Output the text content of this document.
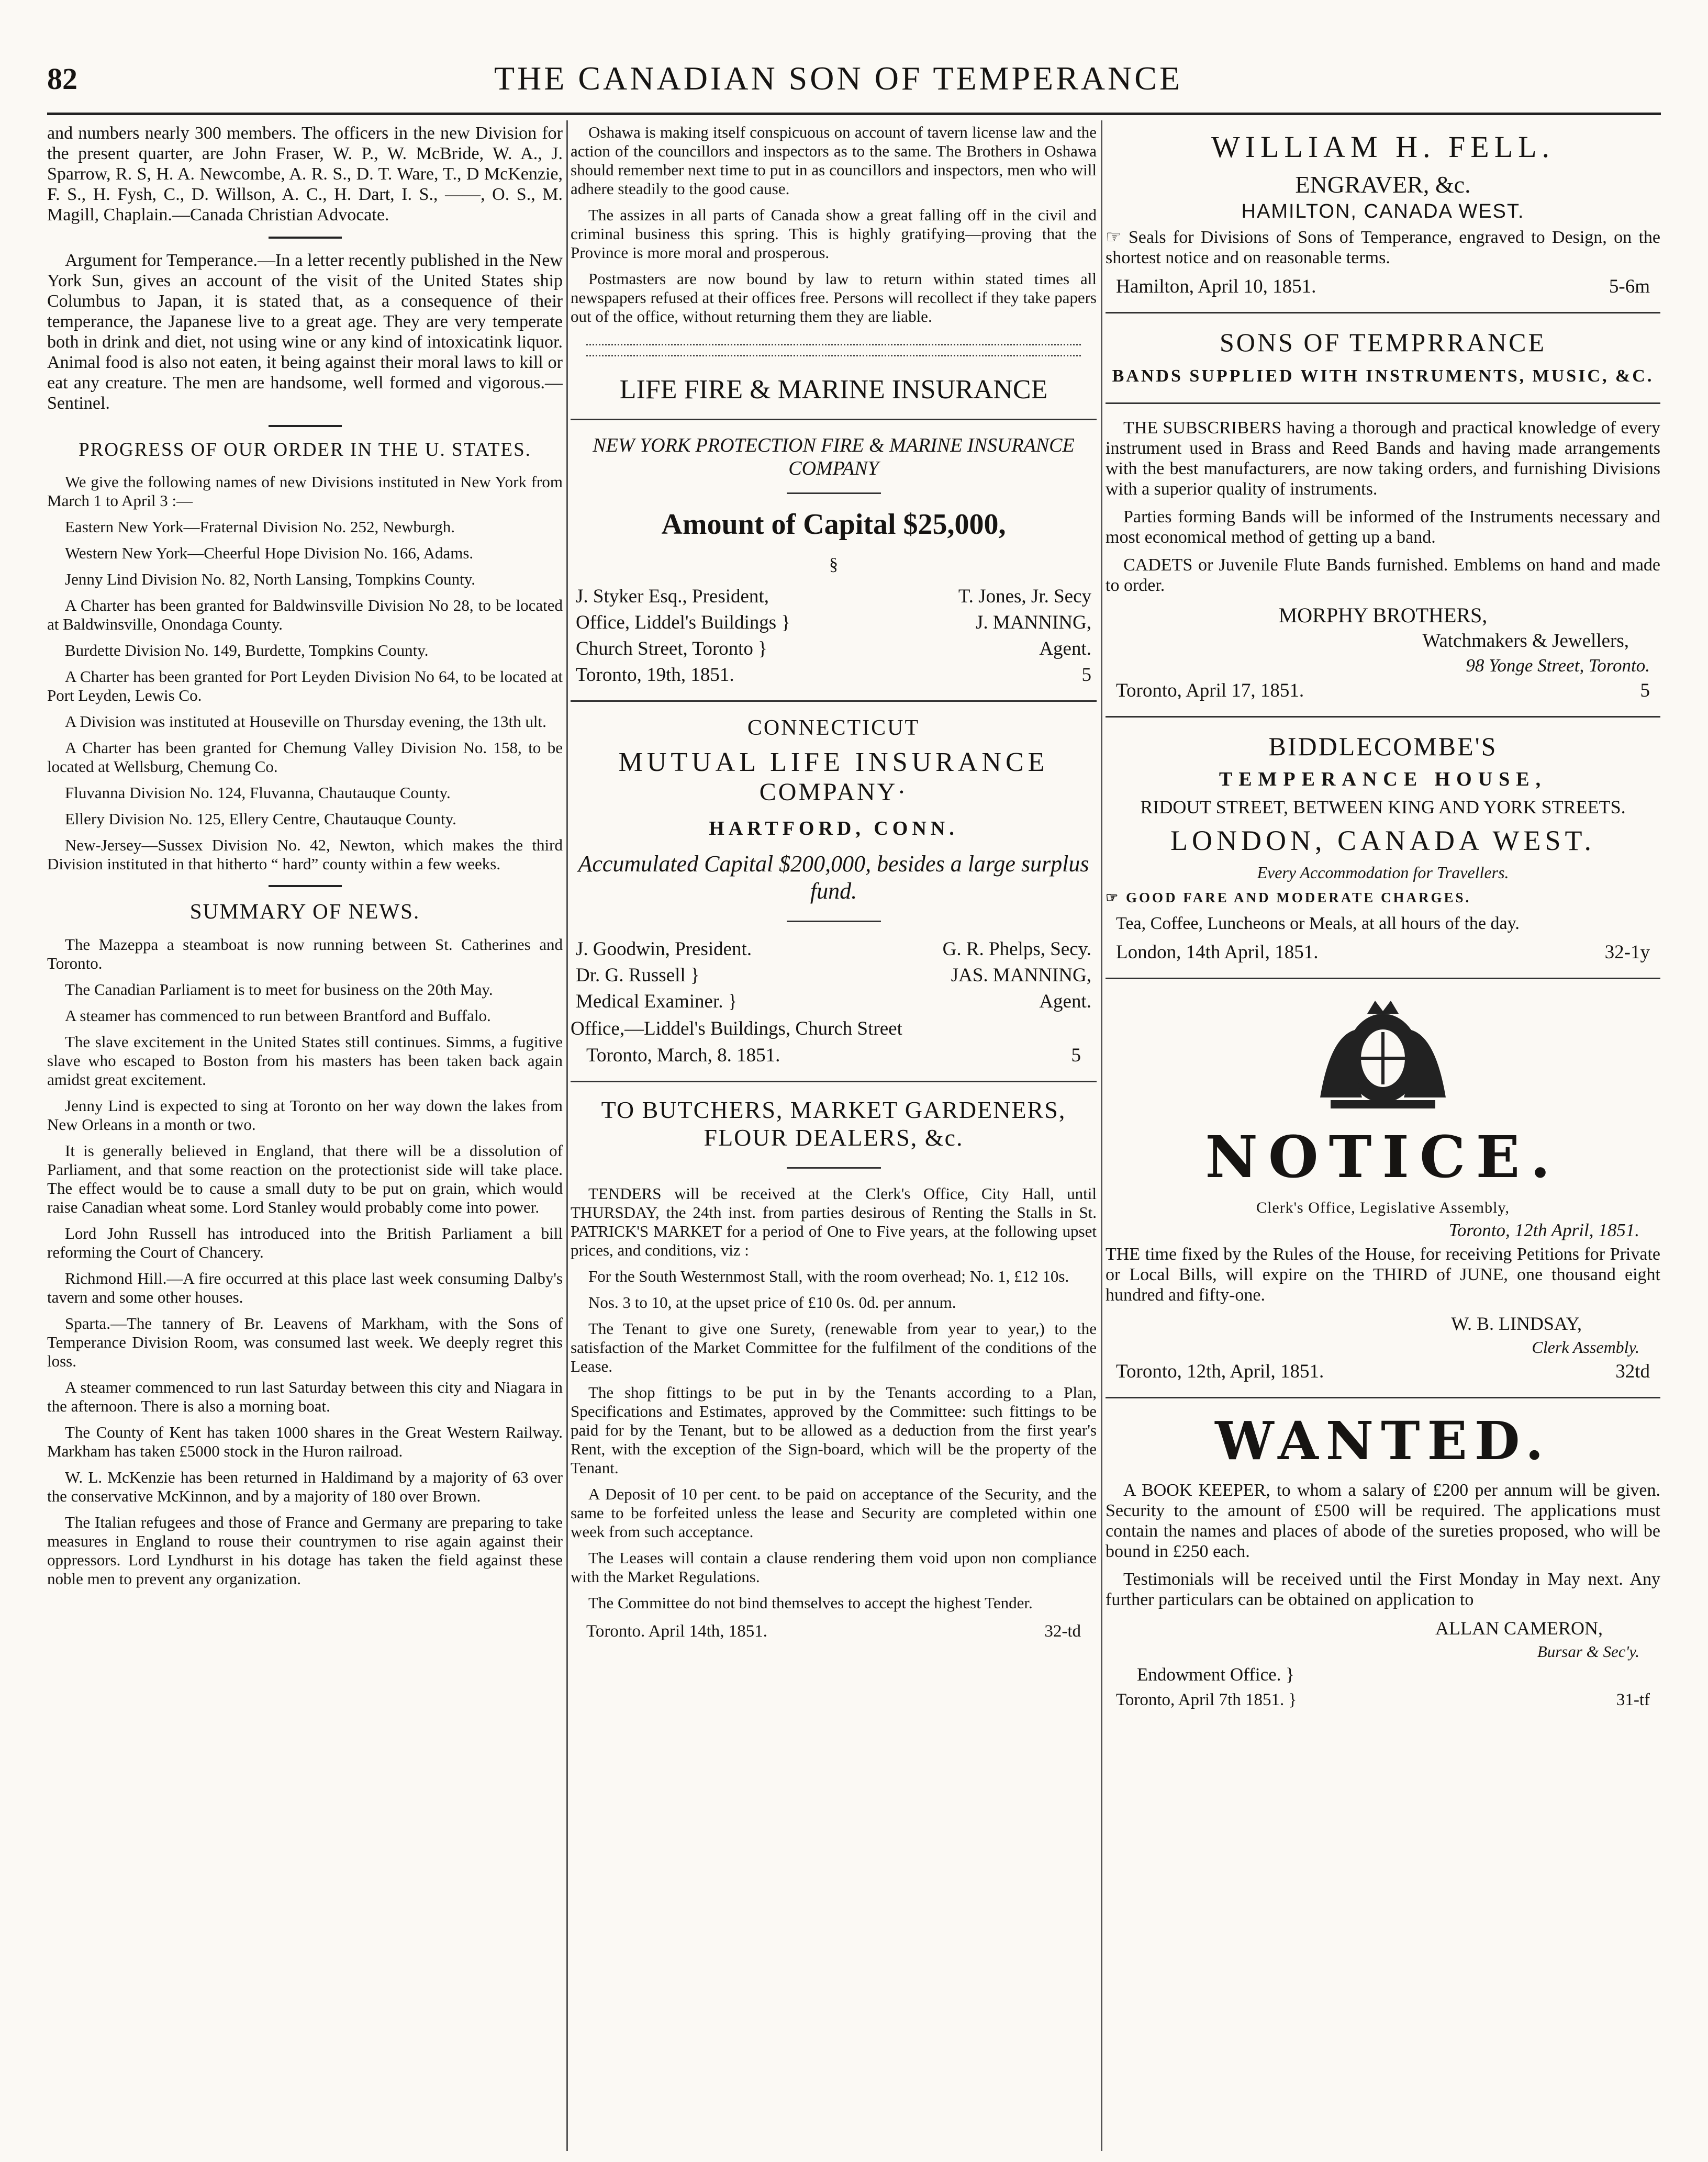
82	THE CANADIAN SON OF TEMPERANCE

and numbers nearly 300 members. The officers in the new Division for the present quarter, are John Fraser, W. P., W. McBride, W. A., J. Sparrow, R. S, H. A. Newcombe, A. R. S., D. T. Ware, T., D McKenzie, F. S., H. Fysh, C., D. Willson, A. C., H. Dart, I. S., ——, O. S., M. Magill, Chaplain.—Canada Christian Advocate.

Argument for Temperance.—In a letter recently published in the New York Sun, gives an account of the visit of the United States ship Columbus to Japan, it is stated that, as a consequence of their temperance, the Japanese live to a great age. They are very temperate both in drink and diet, not using wine or any kind of intoxicatink liquor. Animal food is also not eaten, it being against their moral laws to kill or eat any creature. The men are handsome, well formed and vigorous.—Sentinel.

PROGRESS OF OUR ORDER IN THE U. STATES.

We give the following names of new Divisions instituted in New York from March 1 to April 3 :—

Eastern New York—Fraternal Division No. 252, Newburgh.

Western New York—Cheerful Hope Division No. 166, Adams.

Jenny Lind Division No. 82, North Lansing, Tompkins County.

A Charter has been granted for Baldwinsville Division No 28, to be located at Baldwinsville, Onondaga County.

Burdette Division No. 149, Burdette, Tompkins County.

A Charter has been granted for Port Leyden Division No 64, to be located at Port Leyden, Lewis Co.

A Division was instituted at Houseville on Thursday evening, the 13th ult.

A Charter has been granted for Chemung Valley Division No. 158, to be located at Wellsburg, Chemung Co.

Fluvanna Division No. 124, Fluvanna, Chautauque County.

Ellery Division No. 125, Ellery Centre, Chautauque County.

New-Jersey—Sussex Division No. 42, Newton, which makes the third Division instituted in that hitherto “ hard” county within a few weeks.

SUMMARY OF NEWS.

The Mazeppa a steamboat is now running between St. Catherines and Toronto.

The Canadian Parliament is to meet for business on the 20th May.

A steamer has commenced to run between Brantford and Buffalo.

The slave excitement in the United States still continues. Simms, a fugitive slave who escaped to Boston from his masters has been taken back again amidst great excitement.

Jenny Lind is expected to sing at Toronto on her way down the lakes from New Orleans in a month or two.

It is generally believed in England, that there will be a dissolution of Parliament, and that some reaction on the protectionist side will take place. The effect would be to cause a small duty to be put on grain, which would raise Canadian wheat some. Lord Stanley would probably come into power.

Lord John Russell has introduced into the British Parliament a bill reforming the Court of Chancery.

Richmond Hill.—A fire occurred at this place last week consuming Dalby's tavern and some other houses.

Sparta.—The tannery of Br. Leavens of Markham, with the Sons of Temperance Division Room, was consumed last week. We deeply regret this loss.

A steamer commenced to run last Saturday between this city and Niagara in the afternoon. There is also a morning boat.

The County of Kent has taken 1000 shares in the Great Western Railway. Markham has taken £5000 stock in the Huron railroad.

W. L. McKenzie has been returned in Haldimand by a majority of 63 over the conservative McKinnon, and by a majority of 180 over Brown.

The Italian refugees and those of France and Germany are preparing to take measures in England to rouse their countrymen to rise again against their oppressors. Lord Lyndhurst in his dotage has taken the field against these noble men to prevent any organization.

Oshawa is making itself conspicuous on account of tavern license law and the action of the councillors and inspectors as to the same. The Brothers in Oshawa should remember next time to put in as councillors and inspectors, men who will adhere steadily to the good cause.

The assizes in all parts of Canada show a great falling off in the civil and criminal business this spring. This is highly gratifying—proving that the Province is more moral and prosperous.

Postmasters are now bound by law to return within stated times all newspapers refused at their offices free. Persons will recollect if they take papers out of the office, without returning them they are liable.

LIFE FIRE & MARINE INSURANCE
NEW YORK PROTECTION FIRE & MARINE INSURANCE COMPANY
Amount of Capital $25,000,
§
J. Styker Esq., President,	T. Jones, Jr. Secy
Office, Liddel's Buildings }	J. MANNING,
Church Street, Toronto }	Agent.
Toronto, 19th, 1851.	5
CONNECTICUT
MUTUAL LIFE INSURANCE
COMPANY·
HARTFORD, CONN.
Accumulated Capital $200,000, besides a large surplus fund.
J. Goodwin, President.	G. R. Phelps, Secy.
Dr. G. Russell }	JAS. MANNING,
Medical Examiner. }	Agent.
Office,—Liddel's Buildings, Church Street
Toronto, March, 8. 1851.	5
TO BUTCHERS, MARKET GARDENERS, FLOUR DEALERS, &c.

TENDERS will be received at the Clerk's Office, City Hall, until THURSDAY, the 24th inst. from parties desirous of Renting the Stalls in St. PATRICK'S MARKET for a period of One to Five years, at the following upset prices, and conditions, viz :

For the South Westernmost Stall, with the room overhead; No. 1, £12 10s.

Nos. 3 to 10, at the upset price of £10 0s. 0d. per annum.

The Tenant to give one Surety, (renewable from year to year,) to the satisfaction of the Market Committee for the fulfilment of the conditions of the Lease.

The shop fittings to be put in by the Tenants according to a Plan, Specifications and Estimates, approved by the Committee: such fittings to be paid for by the Tenant, but to be allowed as a deduction from the first year's Rent, with the exception of the Sign-board, which will be the property of the Tenant.

A Deposit of 10 per cent. to be paid on acceptance of the Security, and the same to be forfeited unless the lease and Security are completed within one week from such acceptance.

The Leases will contain a clause rendering them void upon non compliance with the Market Regulations.

The Committee do not bind themselves to accept the highest Tender.

Toronto. April 14th, 1851.	32-td
WILLIAM H. FELL.
ENGRAVER, &c.
HAMILTON, CANADA WEST.

☞ Seals for Divisions of Sons of Temperance, engraved to Design, on the shortest notice and on reasonable terms.

Hamilton, April 10, 1851.	5-6m
SONS OF TEMPRRANCE
BANDS SUPPLIED WITH INSTRUMENTS, MUSIC, &C.

THE SUBSCRIBERS having a thorough and practical knowledge of every instrument used in Brass and Reed Bands and having made arrangements with the best manufacturers, are now taking orders, and furnishing Divisions with a superior quality of instruments.

Parties forming Bands will be informed of the Instruments necessary and most economical method of getting up a band.

CADETS or Juvenile Flute Bands furnished. Emblems on hand and made to order.

MORPHY BROTHERS,
Watchmakers & Jewellers,
98 Yonge Street, Toronto.
Toronto, April 17, 1851.	5
BIDDLECOMBE'S
TEMPERANCE HOUSE,
RIDOUT STREET, BETWEEN KING AND YORK STREETS.
LONDON, CANADA WEST.
Every Accommodation for Travellers.
☞ GOOD FARE AND MODERATE CHARGES.

Tea, Coffee, Luncheons or Meals, at all hours of the day.

London, 14th April, 1851.	32-1y
NOTICE.
Clerk's Office, Legislative Assembly,
Toronto, 12th April, 1851.

THE time fixed by the Rules of the House, for receiving Petitions for Private or Local Bills, will expire on the THIRD of JUNE, one thousand eight hundred and fifty-one.

W. B. LINDSAY,
Clerk Assembly.
Toronto, 12th, April, 1851.	32td
WANTED.

A BOOK KEEPER, to whom a salary of £200 per annum will be given. Security to the amount of £500 will be required. The applications must contain the names and places of abode of the sureties proposed, who will be bound in £250 each.

Testimonials will be received until the First Monday in May next. Any further particulars can be obtained on application to

ALLAN CAMERON,
Bursar & Sec'y.
Endowment Office. }
Toronto, April 7th 1851. }	31-tf
